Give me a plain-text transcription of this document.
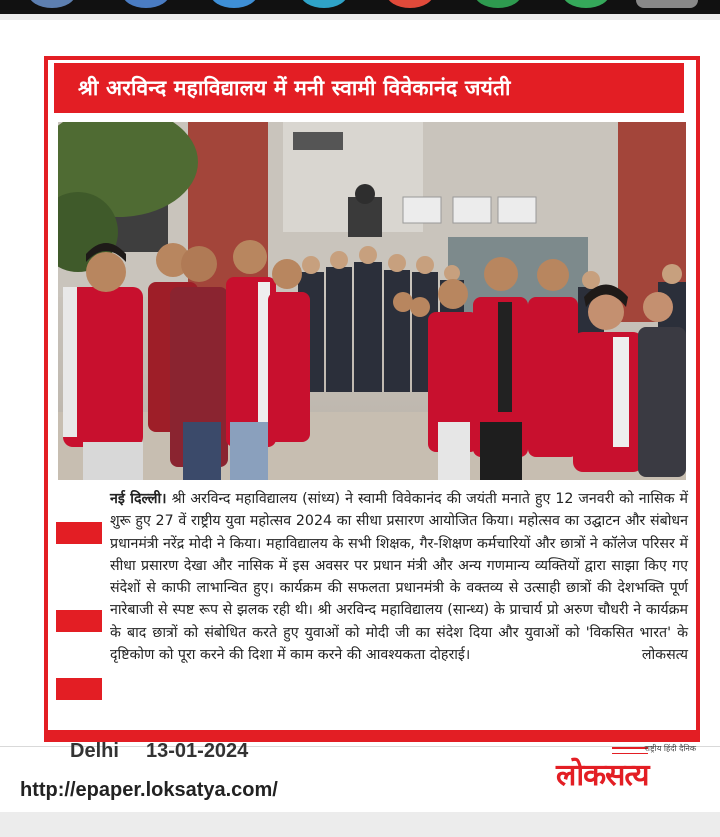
श्री अरविन्द महाविद्यालय में मनी स्वामी विवेकानंद जयंती

नई दिल्ली। श्री अरविन्द महाविद्यालय (सांध्य) ने स्वामी विवेकानंद की जयंती मनाते हुए 12 जनवरी को नासिक में शुरू हुए 27 वें राष्ट्रीय युवा महोत्सव 2024 का सीधा प्रसारण आयोजित किया। महोत्सव का उद्घाटन और संबोधन प्रधानमंत्री नरेंद्र मोदी ने किया। महाविद्यालय के सभी शिक्षक, गैर-शिक्षण कर्मचारियों और छात्रों ने कॉलेज परिसर में सीधा प्रसारण देखा और नासिक में इस अवसर पर प्रधान मंत्री और अन्य गणमान्य व्यक्तियों द्वारा साझा किए गए संदेशों से काफी लाभान्वित हुए। कार्यक्रम की सफलता प्रधानमंत्री के वक्तव्य से उत्साही छात्रों की देशभक्ति पूर्ण नारेबाजी से स्पष्ट रूप से झलक रही थी। श्री अरविन्द महाविद्यालय (सान्ध्य) के प्राचार्य प्रो अरुण चौधरी ने कार्यक्रम के बाद छात्रों को संबोधित करते हुए युवाओं को मोदी जी का संदेश दिया और युवाओं को 'विकसित भारत' के दृष्टिकोण को पूरा करने की दिशा में काम करने की आवश्यकता दोहराई।	लोकसत्य

Delhi 13-01-2024
http://epaper.loksatya.com/
राष्ट्रीय हिंदी दैनिक
लोकसत्य
